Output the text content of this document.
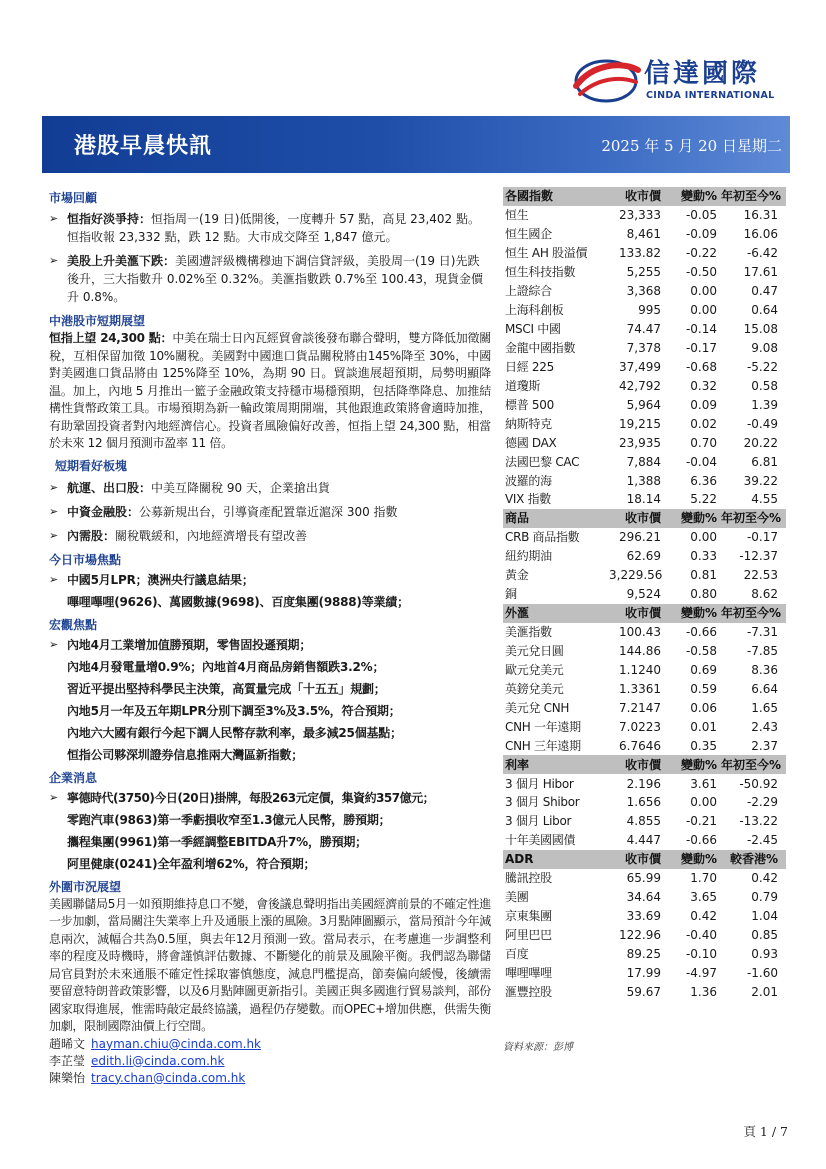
信達國際
CINDA INTERNATIONAL
港股早晨快訊	2025 年 5 月 20 日星期二
市場回顧
➢ 恒指好淡爭持：恒指周一(19 日)低開後，一度轉升 57 點，高見 23,402 點。恒指收報 23,332 點，跌 12 點。大市成交降至 1,847 億元。
➢ 美股上升美滙下跌：美國遭評級機構穆迪下調信貸評級，美股周一(19 日)先跌後升，三大指數升 0.02%至 0.32%。美滙指數跌 0.7%至 100.43，現貨金價升 0.8%。
中港股市短期展望
恒指上望 24,300 點：中美在瑞士日內瓦經貿會談後發布聯合聲明，雙方降低加徵關稅，互相保留加徵 10%關稅。美國對中國進口貨品關稅將由145%降至 30%，中國對美國進口貨品將由 125%降至 10%，為期 90 日。貿談進展超預期，局勢明顯降温。加上，內地 5 月推出一籃子金融政策支持穩市場穩預期，包括降準降息、加推結構性貨幣政策工具。市場預期為新一輪政策周期開端，其他跟進政策將會適時加推，有助鞏固投資者對內地經濟信心。投資者風險偏好改善，恒指上望 24,300 點，相當於未來 12 個月預測市盈率 11 倍。
短期看好板塊
➢ 航運、出口股：中美互降關稅 90 天，企業搶出貨
➢ 中資金融股：公募新規出台，引導資產配置靠近滬深 300 指數
➢ 內需股：關稅戰緩和，內地經濟增長有望改善
今日市場焦點
➢ 中國5月LPR；澳洲央行議息結果；
嗶哩嗶哩(9626)、萬國數據(9698)、百度集團(9888)等業績；
宏觀焦點
➢ 內地4月工業增加值勝預期，零售固投遜預期；
內地4月發電量增0.9%；內地首4月商品房銷售額跌3.2%；
習近平提出堅持科學民主決策，高質量完成「十五五」規劃；
內地5月一年及五年期LPR分別下調至3%及3.5%，符合預期；
內地六大國有銀行今起下調人民幣存款利率，最多減25個基點；
恒指公司夥深圳證券信息推兩大灣區新指數；
企業消息
➢ 寧德時代(3750)今日(20日)掛牌，每股263元定價，集資約357億元；
零跑汽車(9863)第一季虧損收窄至1.3億元人民幣，勝預期；
攜程集團(9961)第一季經調整EBITDA升7%，勝預期；
阿里健康(0241)全年盈利增62%，符合預期；
外圍市況展望
美國聯儲局5月一如預期維持息口不變，會後議息聲明指出美國經濟前景的不確定性進一步加劇，當局關注失業率上升及通脹上漲的風險。3月點陣圖顯示，當局預計今年減息兩次，減幅合共為0.5厘，與去年12月預測一致。當局表示，在考慮進一步調整利率的程度及時機時，將會謹慎評估數據、不斷變化的前景及風險平衡。我們認為聯儲局官員對於未來通脹不確定性採取審慎態度，減息門檻提高，節奏偏向緩慢，後續需要留意特朗普政策影響，以及6月點陣圖更新指引。美國正與多國進行貿易談判，部份國家取得進展，惟需時敲定最終協議，過程仍存變數。而OPEC+增加供應，供需失衡加劇，限制國際油價上行空間。
趙晞文 hayman.chiu@cinda.com.hk
李芷瑩 edith.li@cinda.com.hk
陳樂怡 tracy.chan@cinda.com.hk
各國指數	收市價	變動%	年初至今%
恒生	23,333	-0.05	16.31
恒生國企	8,461	-0.09	16.06
恒生 AH 股溢價	133.82	-0.22	-6.42
恒生科技指數	5,255	-0.50	17.61
上證綜合	3,368	0.00	0.47
上海科創板	995	0.00	0.64
MSCI 中國	74.47	-0.14	15.08
金龍中國指數	7,378	-0.17	9.08
日經 225	37,499	-0.68	-5.22
道瓊斯	42,792	0.32	0.58
標普 500	5,964	0.09	1.39
納斯特克	19,215	0.02	-0.49
德國 DAX	23,935	0.70	20.22
法國巴黎 CAC	7,884	-0.04	6.81
波羅的海	1,388	6.36	39.22
VIX 指數	18.14	5.22	4.55
商品	收市價	變動%	年初至今%
CRB 商品指數	296.21	0.00	-0.17
紐約期油	62.69	0.33	-12.37
黃金	3,229.56	0.81	22.53
銅	9,524	0.80	8.62
外滙	收市價	變動%	年初至今%
美滙指數	100.43	-0.66	-7.31
美元兌日圓	144.86	-0.58	-7.85
歐元兌美元	1.1240	0.69	8.36
英鎊兌美元	1.3361	0.59	6.64
美元兌 CNH	7.2147	0.06	1.65
CNH 一年遠期	7.0223	0.01	2.43
CNH 三年遠期	6.7646	0.35	2.37
利率	收市價	變動%	年初至今%
3 個月 Hibor	2.196	3.61	-50.92
3 個月 Shibor	1.656	0.00	-2.29
3 個月 Libor	4.855	-0.21	-13.22
十年美國國債	4.447	-0.66	-2.45
ADR	收市價	變動%	較香港%
騰訊控股	65.99	1.70	0.42
美團	34.64	3.65	0.79
京東集團	33.69	0.42	1.04
阿里巴巴	122.96	-0.40	0.85
百度	89.25	-0.10	0.93
嗶哩嗶哩	17.99	-4.97	-1.60
滙豐控股	59.67	1.36	2.01
資料來源：彭博
頁 1 / 7
